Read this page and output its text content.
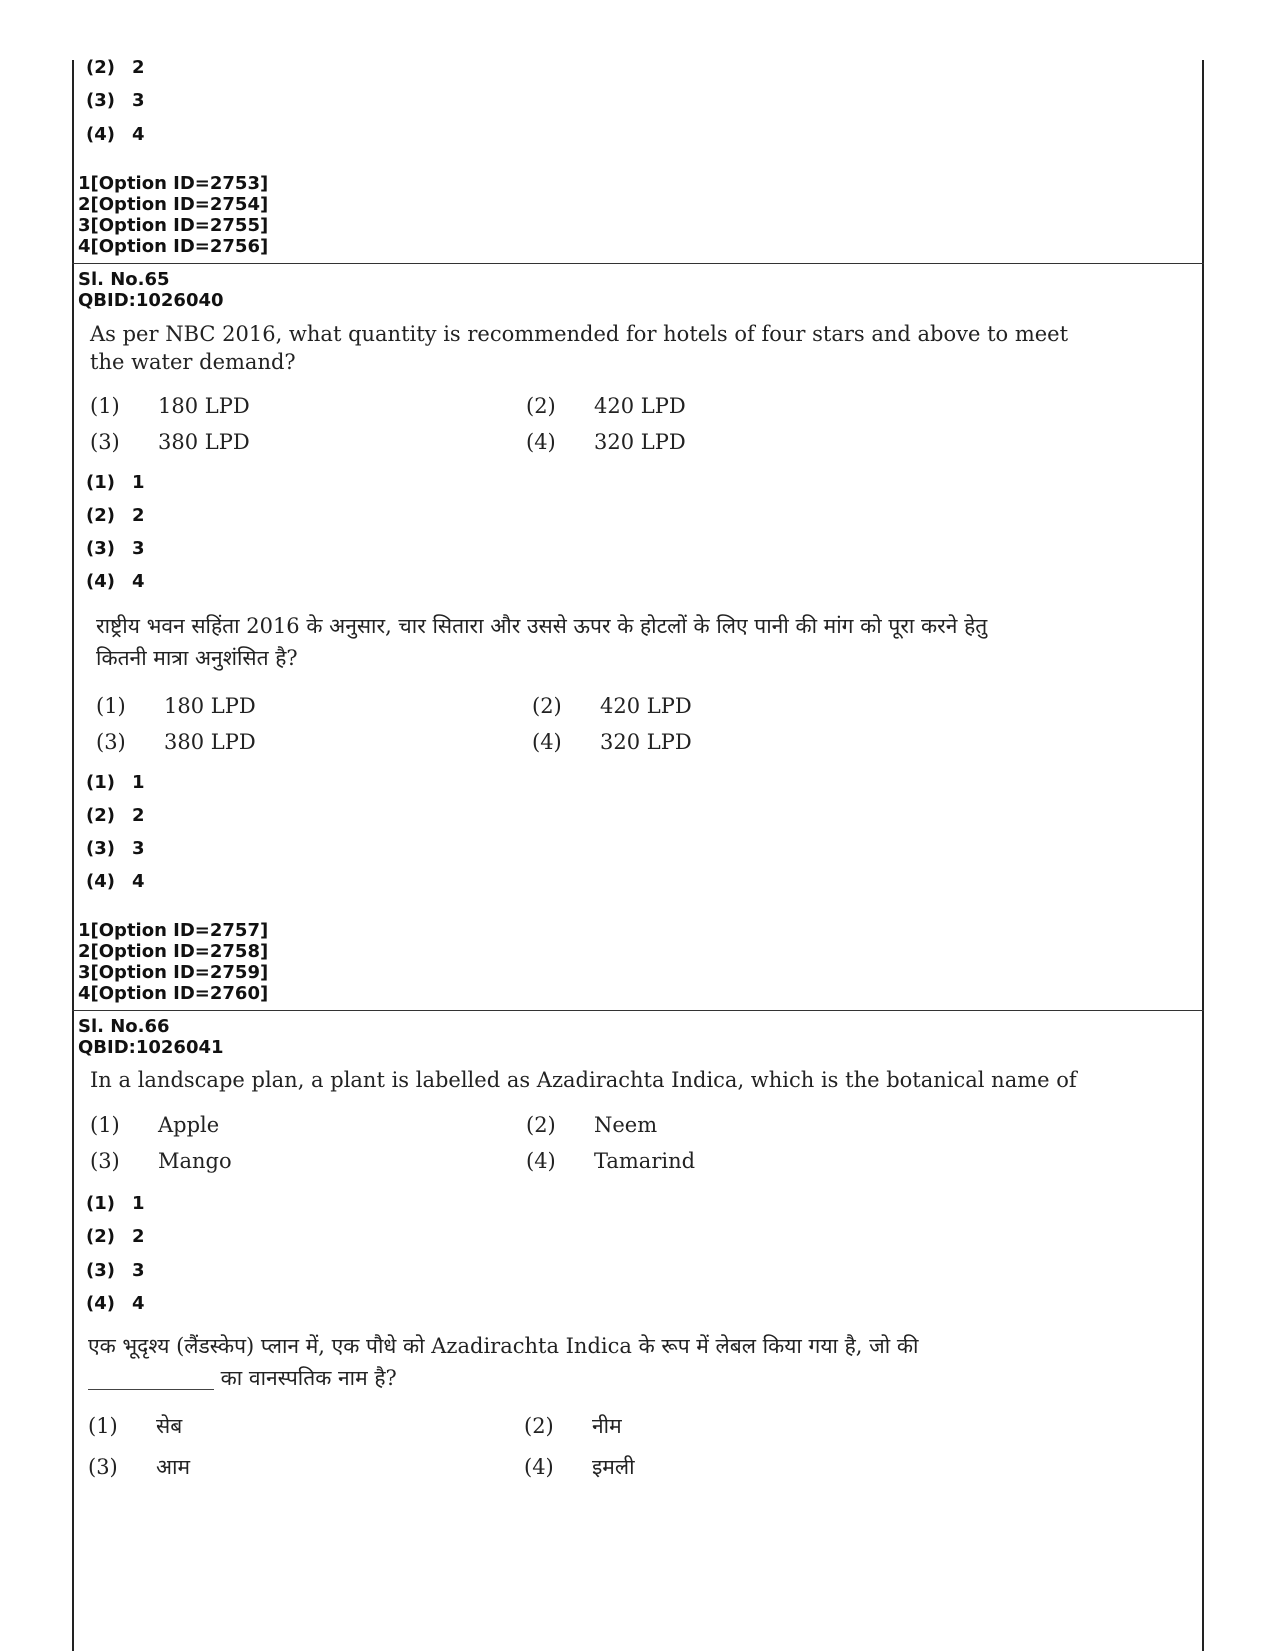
(2) 2
(3) 3
(4) 4
1[Option ID=2753]
2[Option ID=2754]
3[Option ID=2755]
4[Option ID=2756]
Sl. No.65
QBID:1026040
As per NBC 2016, what quantity is recommended for hotels of four stars and above to meet
the water demand?
(1) 180 LPD	(2) 420 LPD
(3) 380 LPD	(4) 320 LPD
(1) 1
(2) 2
(3) 3
(4) 4
राष्ट्रीय भवन सहिंता 2016 के अनुसार, चार सितारा और उससे ऊपर के होटलों के लिए पानी की मांग को पूरा करने हेतु
कितनी मात्रा अनुशंसित है?
(1) 180 LPD	(2) 420 LPD
(3) 380 LPD	(4) 320 LPD
(1) 1
(2) 2
(3) 3
(4) 4
1[Option ID=2757]
2[Option ID=2758]
3[Option ID=2759]
4[Option ID=2760]
Sl. No.66
QBID:1026041
In a landscape plan, a plant is labelled as Azadirachta Indica, which is the botanical name of
(1) Apple	(2) Neem
(3) Mango	(4) Tamarind
(1) 1
(2) 2
(3) 3
(4) 4
एक भूदृश्य (लैंडस्केप) प्लान में, एक पौधे को Azadirachta Indica के रूप में लेबल किया गया है, जो की
____________ का वानस्पतिक नाम है?
(1) सेब	(2) नीम
(3) आम	(4) इमली
